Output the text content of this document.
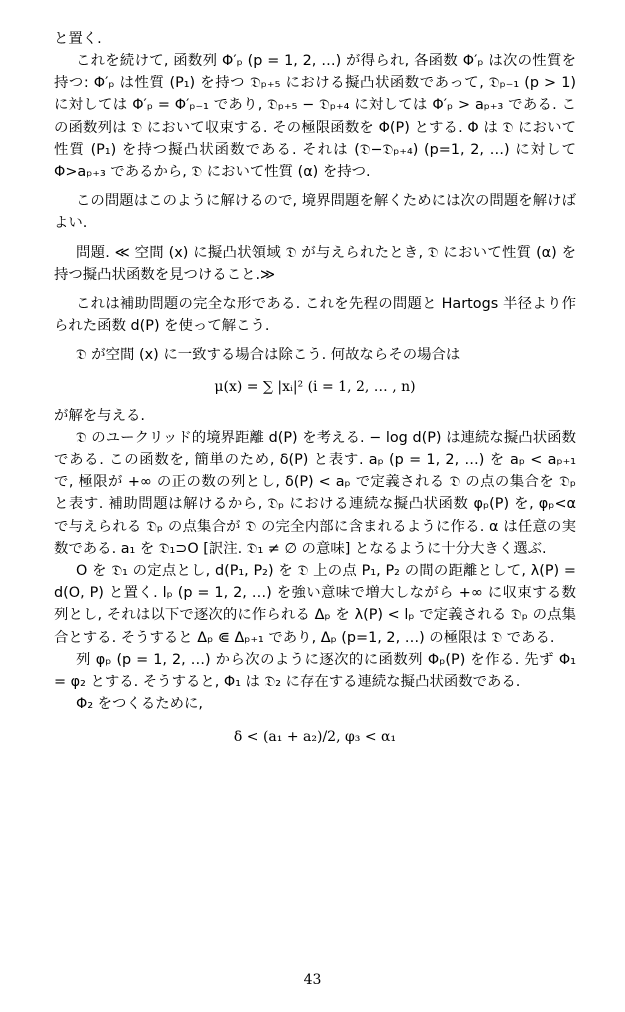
と置く.

これを続けて, 函数列 Φ′ₚ (p = 1, 2, …) が得られ, 各函数 Φ′ₚ は次の性質を持つ: Φ′ₚ は性質 (P₁) を持つ 𝔇ₚ₊₅ における擬凸状函数であって, 𝔇ₚ₋₁ (p > 1) に対しては Φ′ₚ = Φ′ₚ₋₁ であり, 𝔇ₚ₊₅ − 𝔇ₚ₊₄ に対しては Φ′ₚ > aₚ₊₃ である. この函数列は 𝔇 において収束する. その極限函数を Φ(P) とする. Φ は 𝔇 において性質 (P₁) を持つ擬凸状函数である. それは (𝔇−𝔇ₚ₊₄) (p=1, 2, …) に対して Φ>aₚ₊₃ であるから, 𝔇 において性質 (α) を持つ.

この問題はこのように解けるので, 境界問題を解くためには次の問題を解けばよい.

問題. ≪ 空間 (x) に擬凸状領域 𝔇 が与えられたとき, 𝔇 において性質 (α) を持つ擬凸状函数を見つけること.≫

これは補助問題の完全な形である. これを先程の問題と Hartogs 半径より作られた函数 d(P) を使って解こう.

𝔇 が空間 (x) に一致する場合は除こう. 何故ならその場合は

μ(x) = ∑ |xᵢ|² (i = 1, 2, … , n)

が解を与える.

𝔇 のユークリッド的境界距離 d(P) を考える. − log d(P) は連続な擬凸状函数である. この函数を, 簡単のため, δ(P) と表す. aₚ (p = 1, 2, …) を aₚ < aₚ₊₁ で, 極限が +∞ の正の数の列とし, δ(P) < aₚ で定義される 𝔇 の点の集合を 𝔇ₚ と表す. 補助問題は解けるから, 𝔇ₚ における連続な擬凸状函数 φₚ(P) を, φₚ<α で与えられる 𝔇ₚ の点集合が 𝔇 の完全内部に含まれるように作る. α は任意の実数である. a₁ を 𝔇₁⊃O [訳注. 𝔇₁ ≠ ∅ の意味] となるように十分大きく選ぶ.

O を 𝔇₁ の定点とし, d(P₁, P₂) を 𝔇 上の点 P₁, P₂ の間の距離として, λ(P) = d(O, P) と置く. lₚ (p = 1, 2, …) を強い意味で増大しながら +∞ に収束する数列とし, それは以下で逐次的に作られる Δₚ を λ(P) < lₚ で定義される 𝔇ₚ の点集合とする. そうすると Δₚ ⋐ Δₚ₊₁ であり, Δₚ (p=1, 2, …) の極限は 𝔇 である.

列 φₚ (p = 1, 2, …) から次のように逐次的に函数列 Φₚ(P) を作る. 先ず Φ₁ = φ₂ とする. そうすると, Φ₁ は 𝔇₂ に存在する連続な擬凸状函数である.

Φ₂ をつくるために,

δ < (a₁ + a₂)/2, φ₃ < α₁

43
